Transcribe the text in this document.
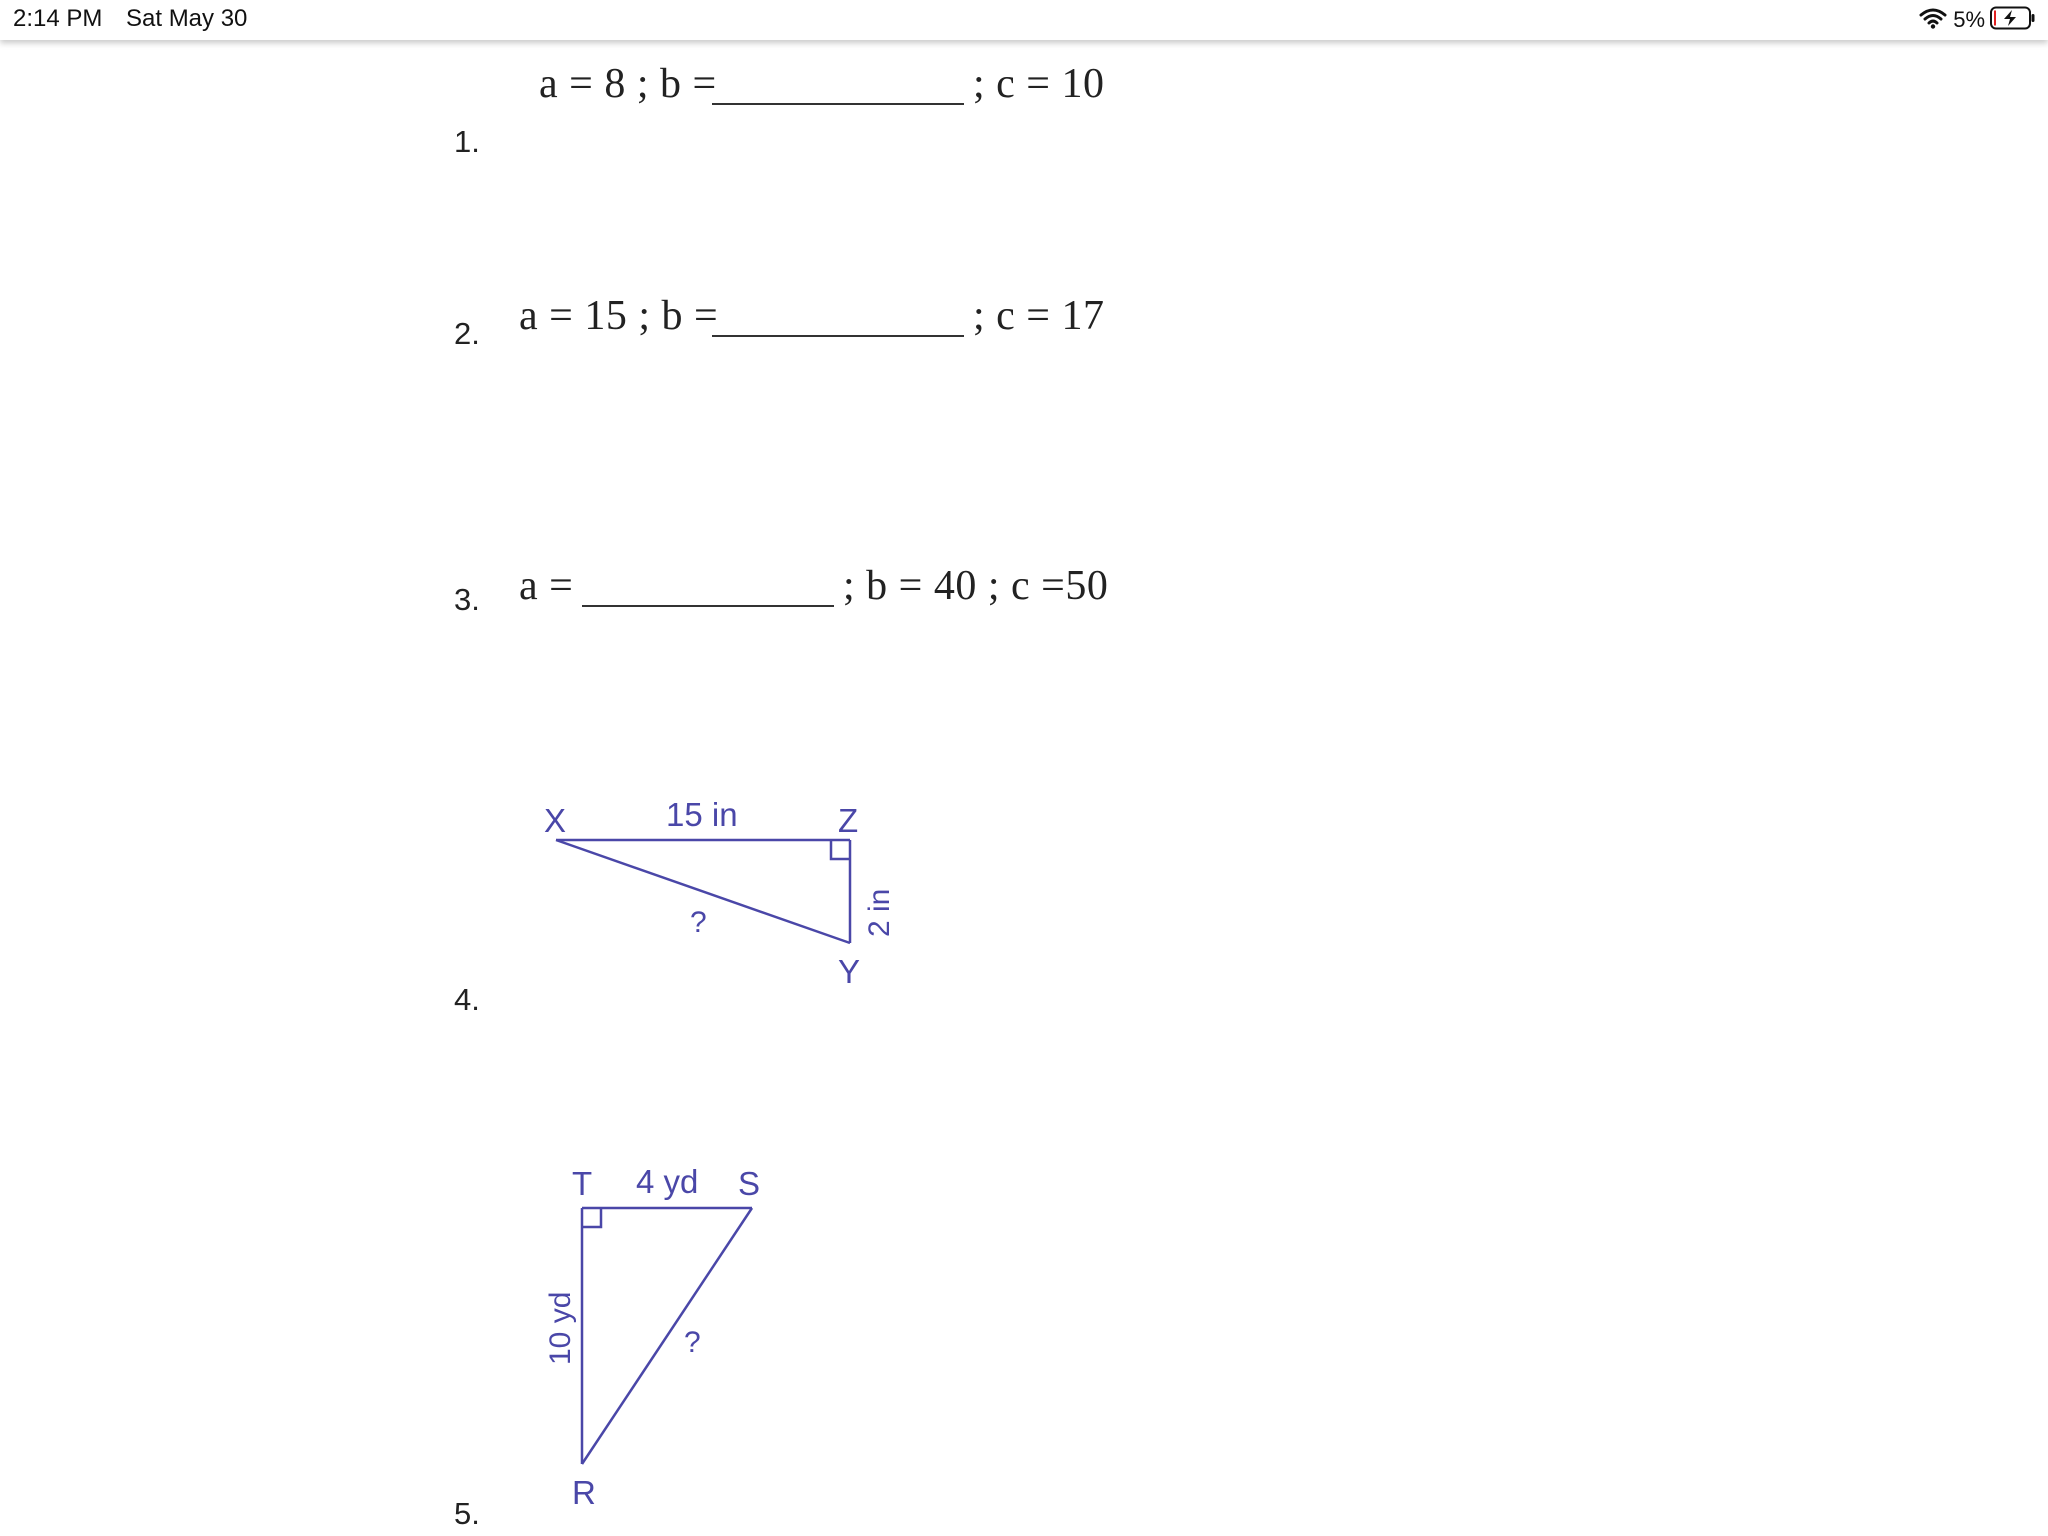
2:14 PM Sat May 30	5%
1.
a = 8 ; b =	; c = 10
2. a = 15 ; b =	; c = 17
3. a =	; b = 40 ; c =50
4.
5.
X	Z
Y
15 in
?	2 in
T	S
R
4 yd
?
10 yd
